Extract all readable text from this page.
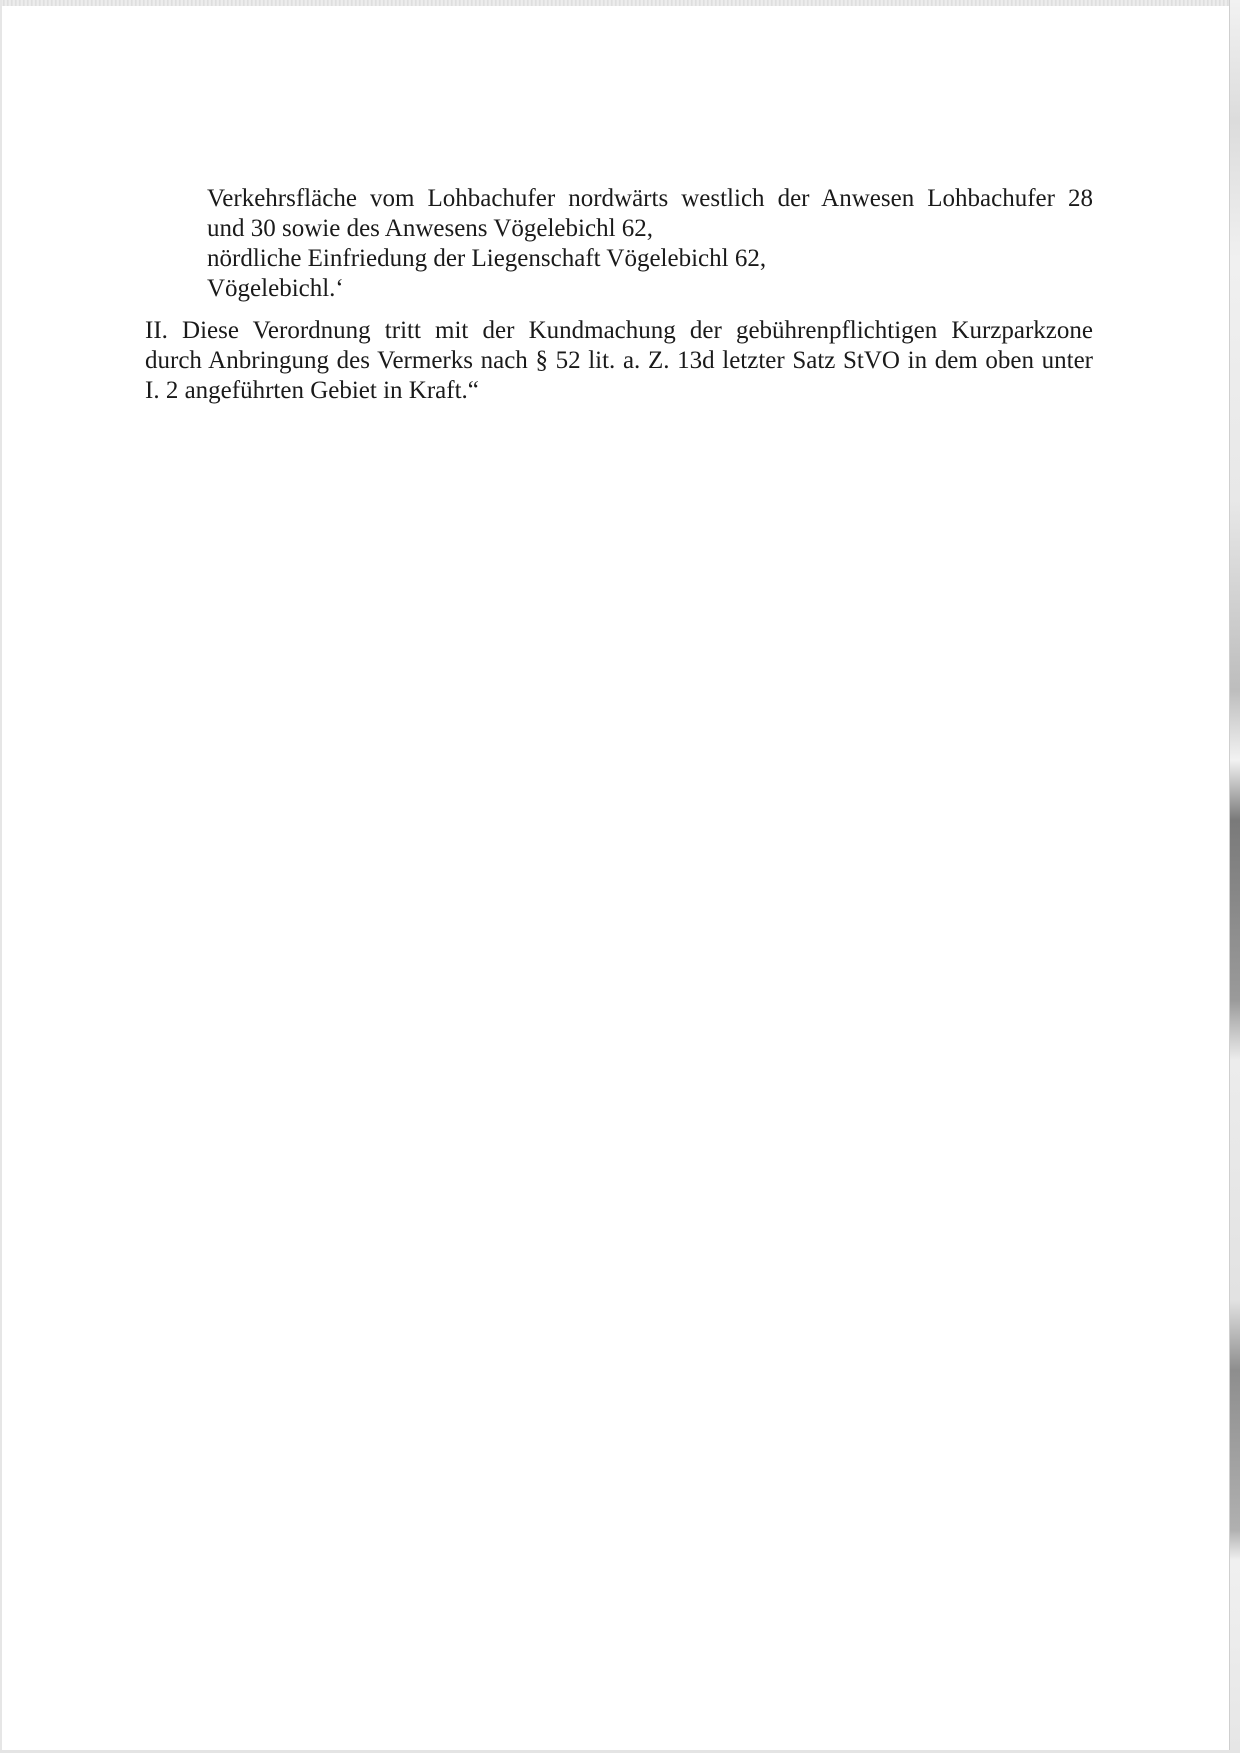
Verkehrsfläche vom Lohbachufer nordwärts westlich der Anwesen Lohbachufer 28

und 30 sowie des Anwesens Vögelebichl 62,

nördliche Einfriedung der Liegenschaft Vögelebichl 62,

Vögelebichl.‘

II. Diese Verordnung tritt mit der Kundmachung der gebührenpflichtigen Kurzparkzone

durch Anbringung des Vermerks nach § 52 lit. a. Z. 13d letzter Satz StVO in dem oben unter

I. 2 angeführten Gebiet in Kraft.“
